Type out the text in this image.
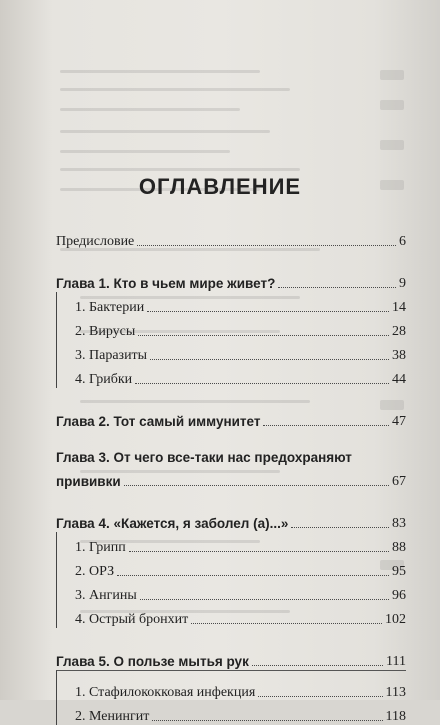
ОГЛАВЛЕНИЕ
Предисловие	6
Глава 1. Кто в чьем мире живет?	9
1. Бактерии	14
2. Вирусы	28
3. Паразиты	38
4. Грибки	44
Глава 2. Тот самый иммунитет	47
Глава 3. От чего все-таки нас предохраняют
прививки	67
Глава 4. «Кажется, я заболел (а)...»	83
1. Грипп	88
2. ОРЗ	95
3. Ангины	96
4. Острый бронхит	102
Глава 5. О пользе мытья рук	111
1. Стафилококковая инфекция	113
2. Менингит	118
